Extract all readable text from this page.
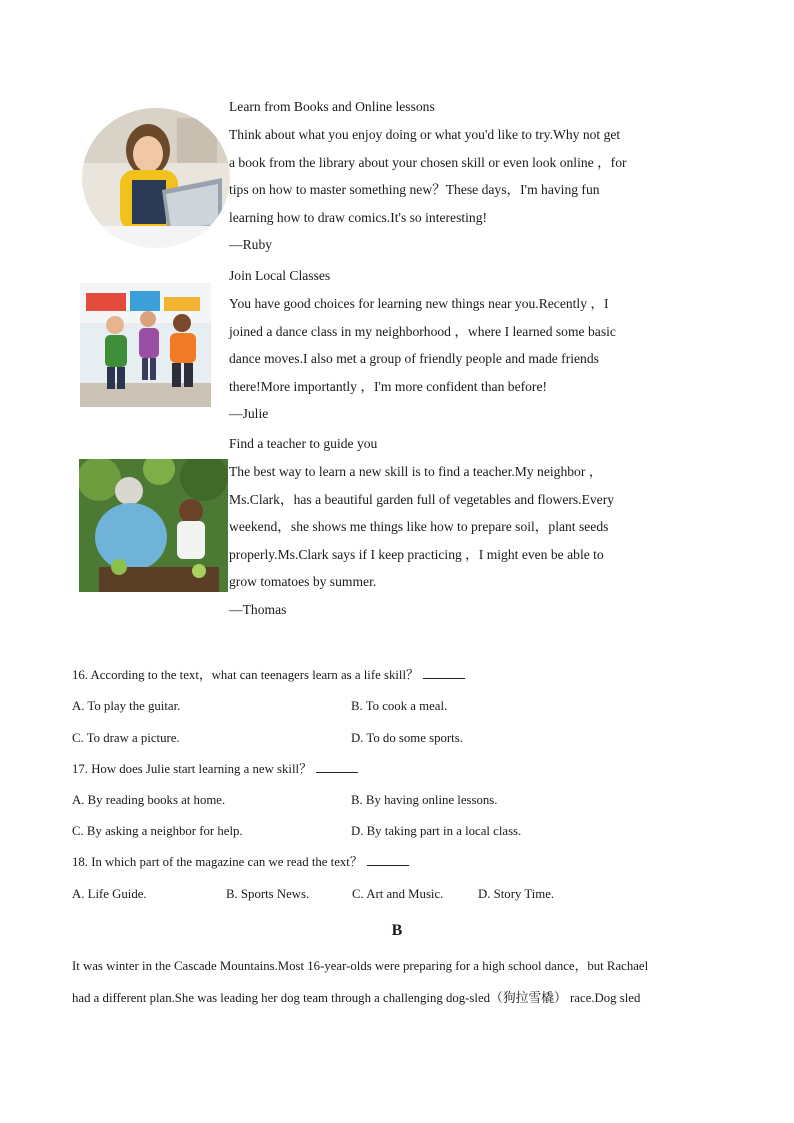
Learn from Books and Online lessons
Think about what you enjoy doing or what you'd like to try.Why not get
a book from the library about your chosen skill or even look online ，for
tips on how to master something new？These days，I'm having fun
learning how to draw comics.It's so interesting!
—Ruby
Join Local Classes
You have good choices for learning new things near you.Recently ，I
joined a dance class in my neighborhood ，where I learned some basic
dance moves.I also met a group of friendly people and made friends
there!More importantly ，I'm more confident than before!
—Julie
Find a teacher to guide you
The best way to learn a new skill is to find a teacher.My neighbor ，
Ms.Clark，has a beautiful garden full of vegetables and flowers.Every
weekend，she shows me things like how to prepare soil，plant seeds
properly.Ms.Clark says if I keep practicing ，I might even be able to
grow tomatoes by summer.
—Thomas
16. According to the text，what can teenagers learn as a life skill？
A. To play the guitar.	B. To cook a meal.
C. To draw a picture.	D. To do some sports.
17. How does Julie start learning a new skill？
A. By reading books at home.	B. By having online lessons.
C. By asking a neighbor for help.	D. By taking part in a local class.
18. In which part of the magazine can we read the text？
A. Life Guide.	B. Sports News.	C. Art and Music.	D. Story Time.
B
It was winter in the Cascade Mountains.Most 16-year-olds were preparing for a high school dance，but Rachael
had a different plan.She was leading her dog team through a challenging dog-sled（狗拉雪橇） race.Dog sled
